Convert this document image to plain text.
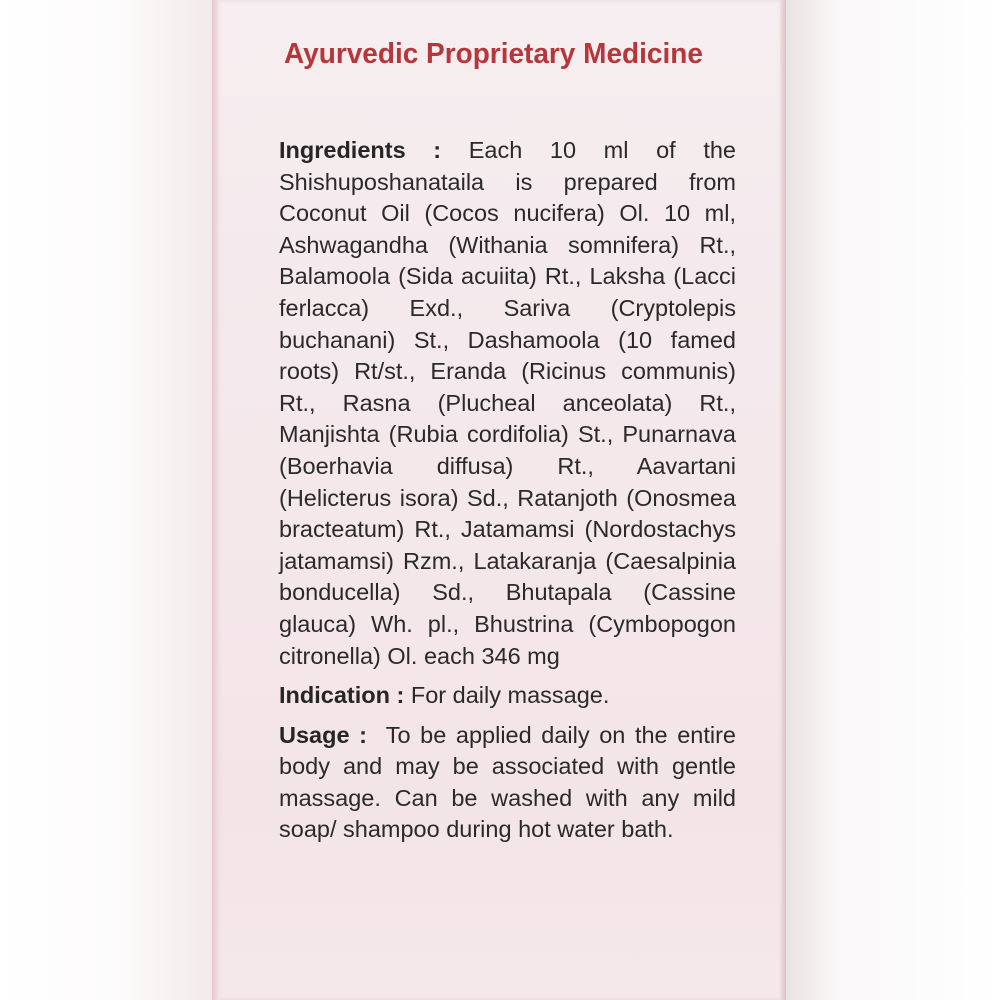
Ayurvedic Proprietary Medicine

Ingredients : Each 10 ml of the Shishuposhanataila is prepared from Coconut Oil (Cocos nucifera) Ol. 10 ml, Ashwagandha (Withania somnifera) Rt., Balamoola (Sida acuiita) Rt., Laksha (Lacci ferlacca) Exd., Sariva (Cryptolepis buchanani) St., Dashamoola (10 famed roots) Rt/st., Eranda (Ricinus communis) Rt., Rasna (Plucheal anceolata) Rt., Manjishta (Rubia cordifolia) St., Punarnava (Boerhavia diffusa) Rt., Aavartani (Helicterus isora) Sd., Ratanjoth (Onosmea bracteatum) Rt., Jatamamsi (Nordostachys jatamamsi) Rzm., Latakaranja (Caesalpinia bonducella) Sd., Bhutapala (Cassine glauca) Wh. pl., Bhustrina (Cymbopogon citronella) Ol. each 346 mg

Indication : For daily massage.

Usage : To be applied daily on the entire body and may be associated with gentle massage. Can be washed with any mild soap/ shampoo during hot water bath.
